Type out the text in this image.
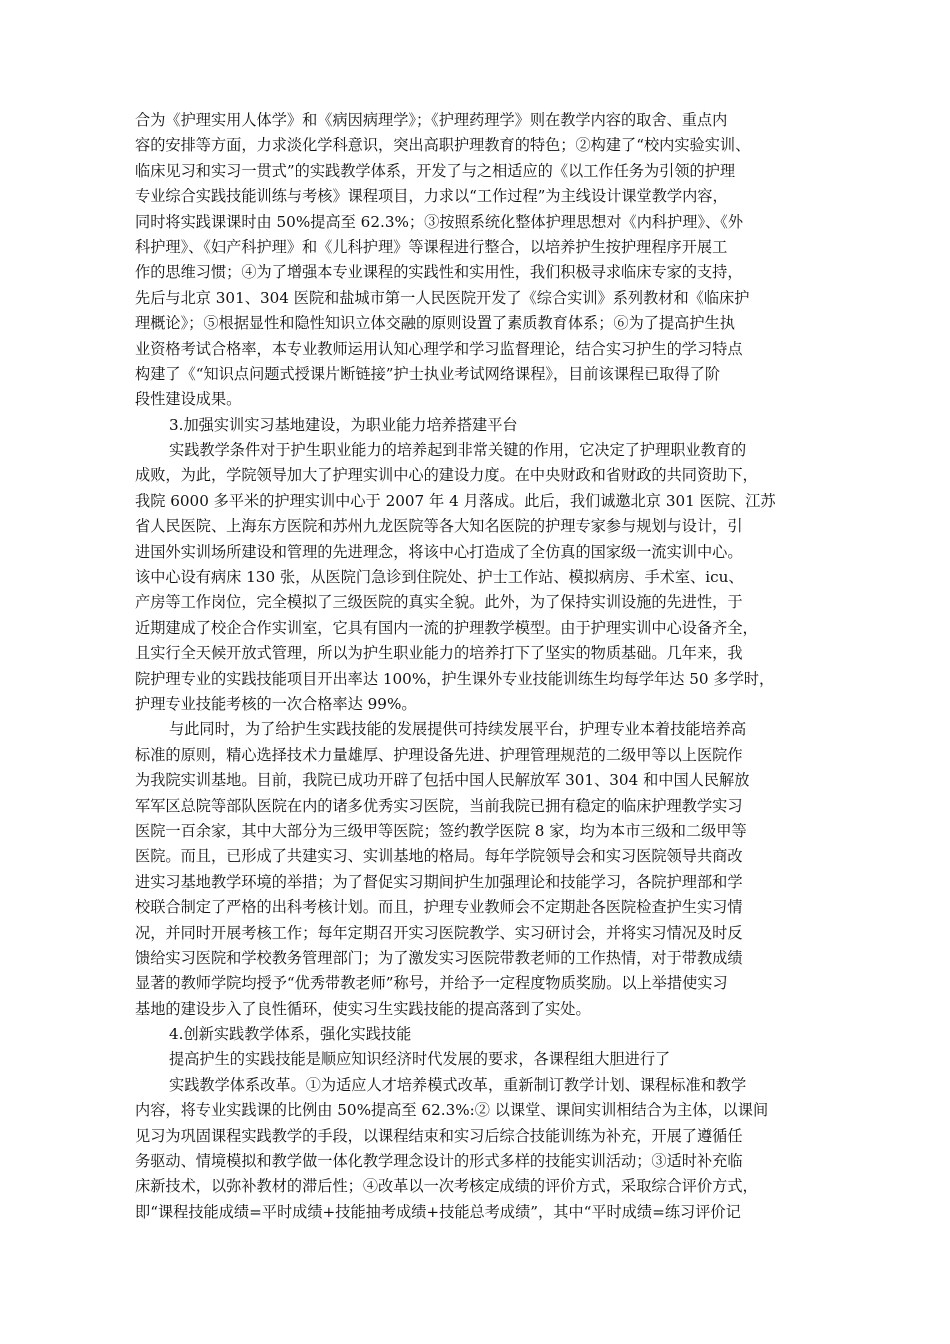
合为《护理实用人体学》和《病因病理学》；《护理药理学》则在教学内容的取舍、重点内
容的安排等方面，力求淡化学科意识，突出高职护理教育的特色；②构建了“校内实验实训、
临床见习和实习一贯式”的实践教学体系，开发了与之相适应的《以工作任务为引领的护理
专业综合实践技能训练与考核》课程项目，力求以“工作过程”为主线设计课堂教学内容，
同时将实践课课时由 50%提高至 62.3%；③按照系统化整体护理思想对《内科护理》、《外
科护理》、《妇产科护理》和《儿科护理》等课程进行整合，以培养护生按护理程序开展工
作的思维习惯；④为了增强本专业课程的实践性和实用性，我们积极寻求临床专家的支持，
先后与北京 301、304 医院和盐城市第一人民医院开发了《综合实训》系列教材和《临床护
理概论》；⑤根据显性和隐性知识立体交融的原则设置了素质教育体系；⑥为了提高护生执
业资格考试合格率，本专业教师运用认知心理学和学习监督理论，结合实习护生的学习特点
构建了《“知识点问题式授课片断链接”护士执业考试网络课程》，目前该课程已取得了阶
段性建设成果。
3.加强实训实习基地建设，为职业能力培养搭建平台
实践教学条件对于护生职业能力的培养起到非常关键的作用，它决定了护理职业教育的
成败，为此，学院领导加大了护理实训中心的建设力度。在中央财政和省财政的共同资助下，
我院 6000 多平米的护理实训中心于 2007 年 4 月落成。此后，我们诚邀北京 301 医院、江苏
省人民医院、上海东方医院和苏州九龙医院等各大知名医院的护理专家参与规划与设计，引
进国外实训场所建设和管理的先进理念，将该中心打造成了全仿真的国家级一流实训中心。
该中心设有病床 130 张，从医院门急诊到住院处、护士工作站、模拟病房、手术室、icu、
产房等工作岗位，完全模拟了三级医院的真实全貌。此外，为了保持实训设施的先进性，于
近期建成了校企合作实训室，它具有国内一流的护理教学模型。由于护理实训中心设备齐全，
且实行全天候开放式管理，所以为护生职业能力的培养打下了坚实的物质基础。几年来，我
院护理专业的实践技能项目开出率达 100%，护生课外专业技能训练生均每学年达 50 多学时，
护理专业技能考核的一次合格率达 99%。
与此同时，为了给护生实践技能的发展提供可持续发展平台，护理专业本着技能培养高
标准的原则，精心选择技术力量雄厚、护理设备先进、护理管理规范的二级甲等以上医院作
为我院实训基地。目前，我院已成功开辟了包括中国人民解放军 301、304 和中国人民解放
军军区总院等部队医院在内的诸多优秀实习医院，当前我院已拥有稳定的临床护理教学实习
医院一百余家，其中大部分为三级甲等医院；签约教学医院 8 家，均为本市三级和二级甲等
医院。而且，已形成了共建实习、实训基地的格局。每年学院领导会和实习医院领导共商改
进实习基地教学环境的举措；为了督促实习期间护生加强理论和技能学习，各院护理部和学
校联合制定了严格的出科考核计划。而且，护理专业教师会不定期赴各医院检查护生实习情
况，并同时开展考核工作；每年定期召开实习医院教学、实习研讨会，并将实习情况及时反
馈给实习医院和学校教务管理部门；为了激发实习医院带教老师的工作热情，对于带教成绩
显著的教师学院均授予“优秀带教老师”称号，并给予一定程度物质奖励。以上举措使实习
基地的建设步入了良性循环，使实习生实践技能的提高落到了实处。
4.创新实践教学体系，强化实践技能
提高护生的实践技能是顺应知识经济时代发展的要求，各课程组大胆进行了
实践教学体系改革。①为适应人才培养模式改革，重新制订教学计划、课程标准和教学
内容，将专业实践课的比例由 50%提高至 62.3%:② 以课堂、课间实训相结合为主体，以课间
见习为巩固课程实践教学的手段，以课程结束和实习后综合技能训练为补充，开展了遵循任
务驱动、情境模拟和教学做一体化教学理念设计的形式多样的技能实训活动；③适时补充临
床新技术，以弥补教材的滞后性；④改革以一次考核定成绩的评价方式，采取综合评价方式，
即“课程技能成绩=平时成绩+技能抽考成绩+技能总考成绩”，其中“平时成绩=练习评价记
